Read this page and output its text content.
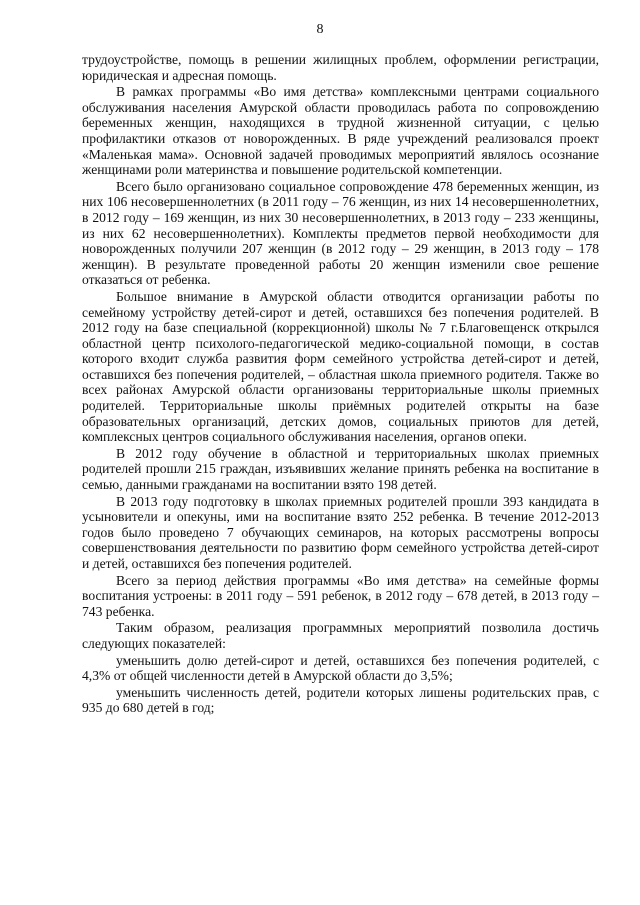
8

трудоустройстве, помощь в решении жилищных проблем, оформлении регистрации, юридическая и адресная помощь.

В рамках программы «Во имя детства» комплексными центрами социального обслуживания населения Амурской области проводилась работа по сопровождению беременных женщин, находящихся в трудной жизненной ситуации, с целью профилактики отказов от новорожденных. В ряде учреждений реализовался проект «Маленькая мама». Основной задачей проводимых мероприятий являлось осознание женщинами роли материнства и повышение родительской компетенции.

Всего было организовано социальное сопровождение 478 беременных женщин, из них 106 несовершеннолетних (в 2011 году – 76 женщин, из них 14 несовершеннолетних, в 2012 году – 169 женщин, из них 30 несовершеннолетних, в 2013 году – 233 женщины, из них 62 несовершеннолетних). Комплекты предметов первой необходимости для новорожденных получили 207 женщин (в 2012 году – 29 женщин, в 2013 году – 178 женщин). В результате проведенной работы 20 женщин изменили свое решение отказаться от ребенка.

Большое внимание в Амурской области отводится организации работы по семейному устройству детей-сирот и детей, оставшихся без попечения родителей. В 2012 году на базе специальной (коррекционной) школы № 7 г.Благовещенск открылся областной центр психолого-педагогической медико-социальной помощи, в состав которого входит служба развития форм семейного устройства детей-сирот и детей, оставшихся без попечения родителей, – областная школа приемного родителя. Также во всех районах Амурской области организованы территориальные школы приемных родителей. Территориальные школы приёмных родителей открыты на базе образовательных организаций, детских домов, социальных приютов для детей, комплексных центров социального обслуживания населения, органов опеки.

В 2012 году обучение в областной и территориальных школах приемных родителей прошли 215 граждан, изъявивших желание принять ребенка на воспитание в семью, данными гражданами на воспитании взято 198 детей.

В 2013 году подготовку в школах приемных родителей прошли 393 кандидата в усыновители и опекуны, ими на воспитание взято 252 ребенка. В течение 2012-2013 годов было проведено 7 обучающих семинаров, на которых рассмотрены вопросы совершенствования деятельности по развитию форм семейного устройства детей-сирот и детей, оставшихся без попечения родителей.

Всего за период действия программы «Во имя детства» на семейные формы воспитания устроены: в 2011 году – 591 ребенок, в 2012 году – 678 детей, в 2013 году – 743 ребенка.

Таким образом, реализация программных мероприятий позволила достичь следующих показателей:

уменьшить долю детей-сирот и детей, оставшихся без попечения родителей, с 4,3% от общей численности детей в Амурской области до 3,5%;

уменьшить численность детей, родители которых лишены родительских прав, с 935 до 680 детей в год;
